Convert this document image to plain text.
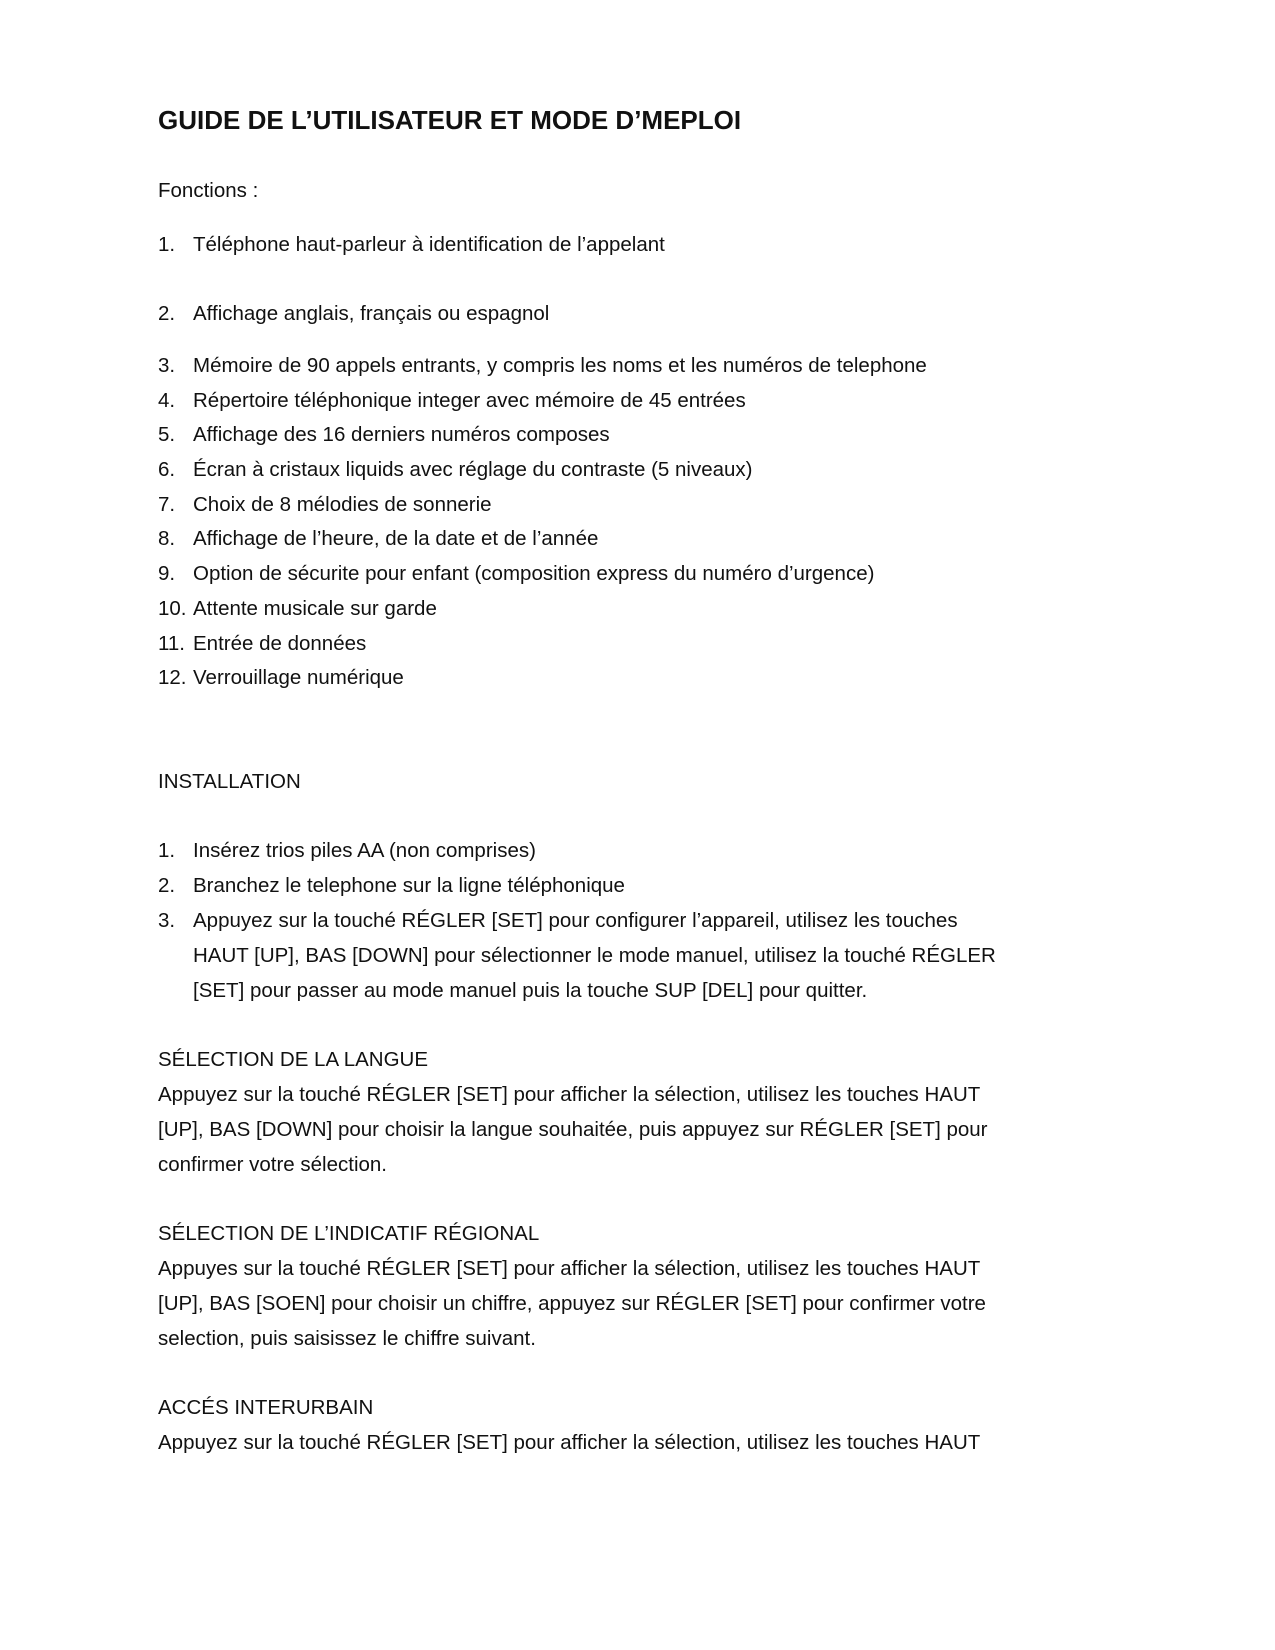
GUIDE DE L’UTILISATEUR ET MODE D’MEPLOI

Fonctions :

1. Téléphone haut-parleur à identification de l’appelant
2. Affichage anglais, français ou espagnol
3. Mémoire de 90 appels entrants, y compris les noms et les numéros de telephone
4. Répertoire téléphonique integer avec mémoire de 45 entrées
5. Affichage des 16 derniers numéros composes
6. Écran à cristaux liquids avec réglage du contraste (5 niveaux)
7. Choix de 8 mélodies de sonnerie
8. Affichage de l’heure, de la date et de l’année
9. Option de sécurite pour enfant (composition express du numéro d’urgence)
10. Attente musicale sur garde
11. Entrée de données
12. Verrouillage numérique

INSTALLATION

1. Insérez trios piles AA (non comprises)
2. Branchez le telephone sur la ligne téléphonique
3. Appuyez sur la touché RÉGLER [SET] pour configurer l’appareil, utilisez les touches
HAUT [UP], BAS [DOWN] pour sélectionner le mode manuel, utilisez la touché RÉGLER
[SET] pour passer au mode manuel puis la touche SUP [DEL] pour quitter.

SÉLECTION DE LA LANGUE

Appuyez sur la touché RÉGLER [SET] pour afficher la sélection, utilisez les touches HAUT

[UP], BAS [DOWN] pour choisir la langue souhaitée, puis appuyez sur RÉGLER [SET] pour

confirmer votre sélection.

SÉLECTION DE L’INDICATIF RÉGIONAL

Appuyes sur la touché RÉGLER [SET] pour afficher la sélection, utilisez les touches HAUT

[UP], BAS [SOEN] pour choisir un chiffre, appuyez sur RÉGLER [SET] pour confirmer votre

selection, puis saisissez le chiffre suivant.

ACCÉS INTERURBAIN

Appuyez sur la touché RÉGLER [SET] pour afficher la sélection, utilisez les touches HAUT
